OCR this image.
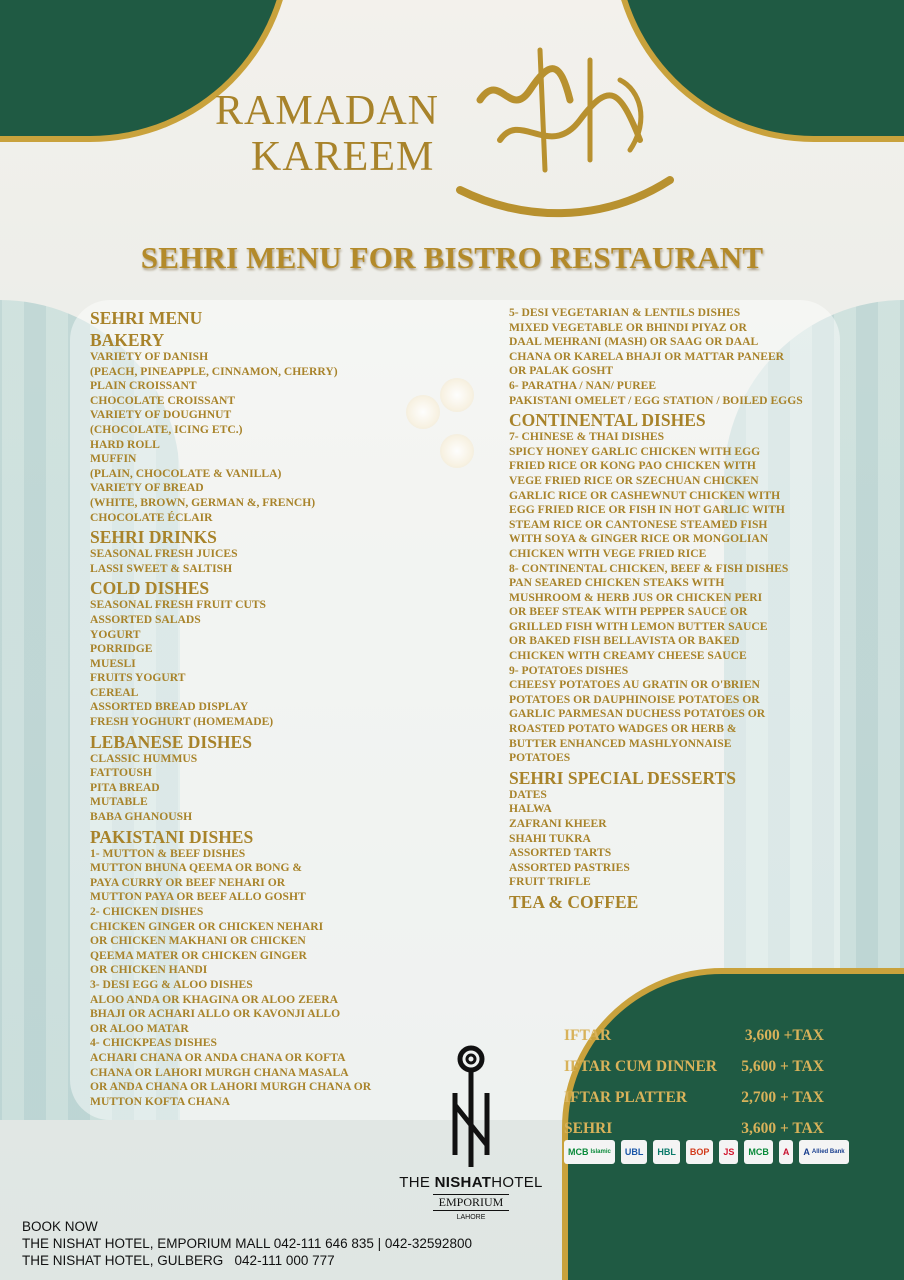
RAMADAN
KAREEM
SEHRI MENU FOR BISTRO RESTAURANT
SEHRI MENU
BAKERY
VARIETY OF DANISH
(PEACH, PINEAPPLE, CINNAMON, CHERRY)
PLAIN CROISSANT
CHOCOLATE CROISSANT
VARIETY OF DOUGHNUT
(CHOCOLATE, ICING ETC.)
HARD ROLL
MUFFIN
(PLAIN, CHOCOLATE & VANILLA)
VARIETY OF BREAD
(WHITE, BROWN, GERMAN &, FRENCH)
CHOCOLATE ÉCLAIR
SEHRI DRINKS
SEASONAL FRESH JUICES
LASSI SWEET & SALTISH
COLD DISHES
SEASONAL FRESH FRUIT CUTS
ASSORTED SALADS
YOGURT
PORRIDGE
MUESLI
FRUITS YOGURT
CEREAL
ASSORTED BREAD DISPLAY
FRESH YOGHURT (HOMEMADE)
LEBANESE DISHES
CLASSIC HUMMUS
FATTOUSH
PITA BREAD
MUTABLE
BABA GHANOUSH
PAKISTANI DISHES
1- MUTTON & BEEF DISHES
MUTTON BHUNA QEEMA OR BONG &
PAYA CURRY OR BEEF NEHARI OR
MUTTON PAYA OR BEEF ALLO GOSHT
2- CHICKEN DISHES
CHICKEN GINGER OR CHICKEN NEHARI
OR CHICKEN MAKHANI OR CHICKEN
QEEMA MATER OR CHICKEN GINGER
OR CHICKEN HANDI
3- DESI EGG & ALOO DISHES
ALOO ANDA OR KHAGINA OR ALOO ZEERA
BHAJI OR ACHARI ALLO OR KAVONJI ALLO
OR ALOO MATAR
4- CHICKPEAS DISHES
ACHARI CHANA OR ANDA CHANA OR KOFTA
CHANA OR LAHORI MURGH CHANA MASALA
OR ANDA CHANA OR LAHORI MURGH CHANA OR
MUTTON KOFTA CHANA
5- DESI VEGETARIAN & LENTILS DISHES
MIXED VEGETABLE OR BHINDI PIYAZ OR
DAAL MEHRANI (MASH) OR SAAG OR DAAL
CHANA OR KARELA BHAJI OR MATTAR PANEER
OR PALAK GOSHT
6- PARATHA / NAN/ PUREE
PAKISTANI OMELET / EGG STATION / BOILED EGGS
CONTINENTAL DISHES
7- CHINESE & THAI DISHES
SPICY HONEY GARLIC CHICKEN WITH EGG
FRIED RICE OR KONG PAO CHICKEN WITH
VEGE FRIED RICE OR SZECHUAN CHICKEN
GARLIC RICE OR CASHEWNUT CHICKEN WITH
EGG FRIED RICE OR FISH IN HOT GARLIC WITH
STEAM RICE OR CANTONESE STEAMED FISH
WITH SOYA & GINGER RICE OR MONGOLIAN
CHICKEN WITH VEGE FRIED RICE
8- CONTINENTAL CHICKEN, BEEF & FISH DISHES
PAN SEARED CHICKEN STEAKS WITH
MUSHROOM & HERB JUS OR CHICKEN PERI
OR BEEF STEAK WITH PEPPER SAUCE OR
GRILLED FISH WITH LEMON BUTTER SAUCE
OR BAKED FISH BELLAVISTA OR BAKED
CHICKEN WITH CREAMY CHEESE SAUCE
9- POTATOES DISHES
CHEESY POTATOES AU GRATIN OR O'BRIEN
POTATOES OR DAUPHINOISE POTATOES OR
GARLIC PARMESAN DUCHESS POTATOES OR
ROASTED POTATO WADGES OR HERB &
BUTTER ENHANCED MASHLYONNAISE
POTATOES
SEHRI SPECIAL DESSERTS
DATES
HALWA
ZAFRANI KHEER
SHAHI TUKRA
ASSORTED TARTS
ASSORTED PASTRIES
FRUIT TRIFLE
TEA & COFFEE
IFTAR	3,600 +TAX
IFTAR CUM DINNER 5,600 + TAX
IFTAR PLATTER	2,700 + TAX
SEHRI	3,600 + TAX
MCB Islamic UBL HBL BOP JS MCB A A Allied Bank
THE NISHATHOTEL
EMPORIUM
LAHORE
BOOK NOW
THE NISHAT HOTEL, EMPORIUM MALL 042-111 646 835 | 042-32592800
THE NISHAT HOTEL, GULBERG   042-111 000 777
